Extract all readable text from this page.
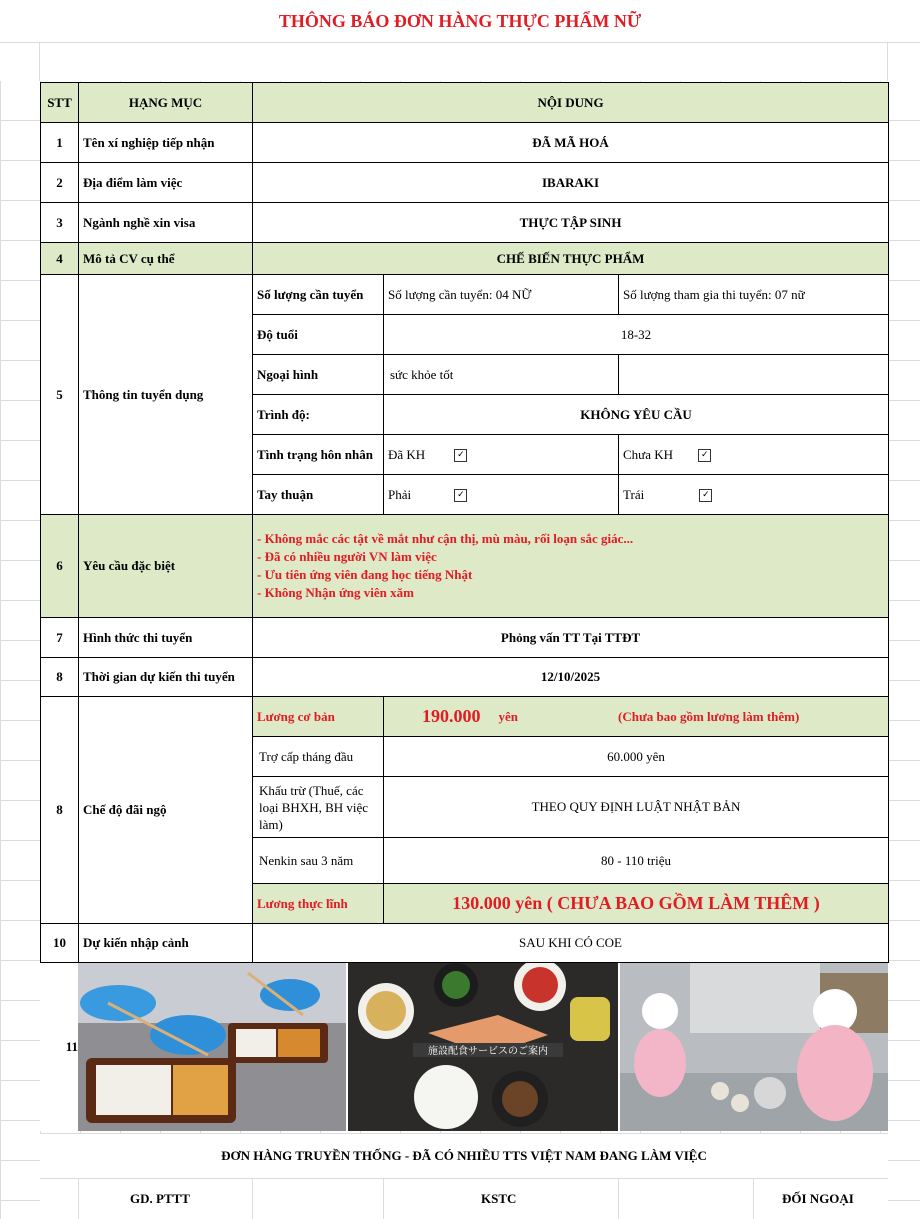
THÔNG BÁO ĐƠN HÀNG THỰC PHẨM NỮ
STT	HẠNG MỤC	NỘI DUNG		
1	Tên xí nghiệp tiếp nhận	ĐÃ MÃ HOÁ		
2	Địa điểm làm việc	IBARAKI		
3	Ngành nghề xin visa	THỰC TẬP SINH		
4	Mô tả CV cụ thể	CHẾ BIẾN THỰC PHẨM		
5	Thông tin tuyển dụng	Số lượng cần tuyển	Số lượng cần tuyển: 04 NỮ	Số lượng tham gia thi tuyển: 07 nữ
		Độ tuổi	18-32	
		Ngoại hình	sức khỏe tốt	
		Trình độ:	KHÔNG YÊU CẦU	
		Tình trạng hôn nhân	Đã KH ✓	Chưa KH ✓
		Tay thuận	Phải ✓	Trái ✓
6	Yêu cầu đặc biệt	- Không mắc các tật về mắt như cận thị, mù màu, rối loạn sắc giác...
- Đã có nhiều người VN làm việc
- Ưu tiên ứng viên đang học tiếng Nhật
- Không Nhận ứng viên xăm		

7	Hình thức thi tuyển	Phỏng vấn TT Tại TTĐT		
8	Thời gian dự kiến thi tuyển	12/10/2025		
8	Chế độ đãi ngộ	Lương cơ bản	190.000 yên (Chưa bao gồm lương làm thêm)	

		Trợ cấp tháng đầu	60.000 yên	
		Khấu trừ (Thuế, các loại BHXH, BH việc làm)	THEO QUY ĐỊNH LUẬT NHẬT BẢN	
		Nenkin sau 3 năm	80 - 110 triệu	
		Lương thực lĩnh	130.000 yên ( CHƯA BAO GỒM LÀM THÊM )	
10	Dự kiến nhập cảnh	SAU KHI CÓ COE		
11	施設配食サービスのご案内
ĐƠN HÀNG TRUYỀN THỐNG - ĐÃ CÓ NHIỀU TTS VIỆT NAM ĐANG LÀM VIỆC
GD. PTTT	KSTC	ĐỐI NGOẠI
